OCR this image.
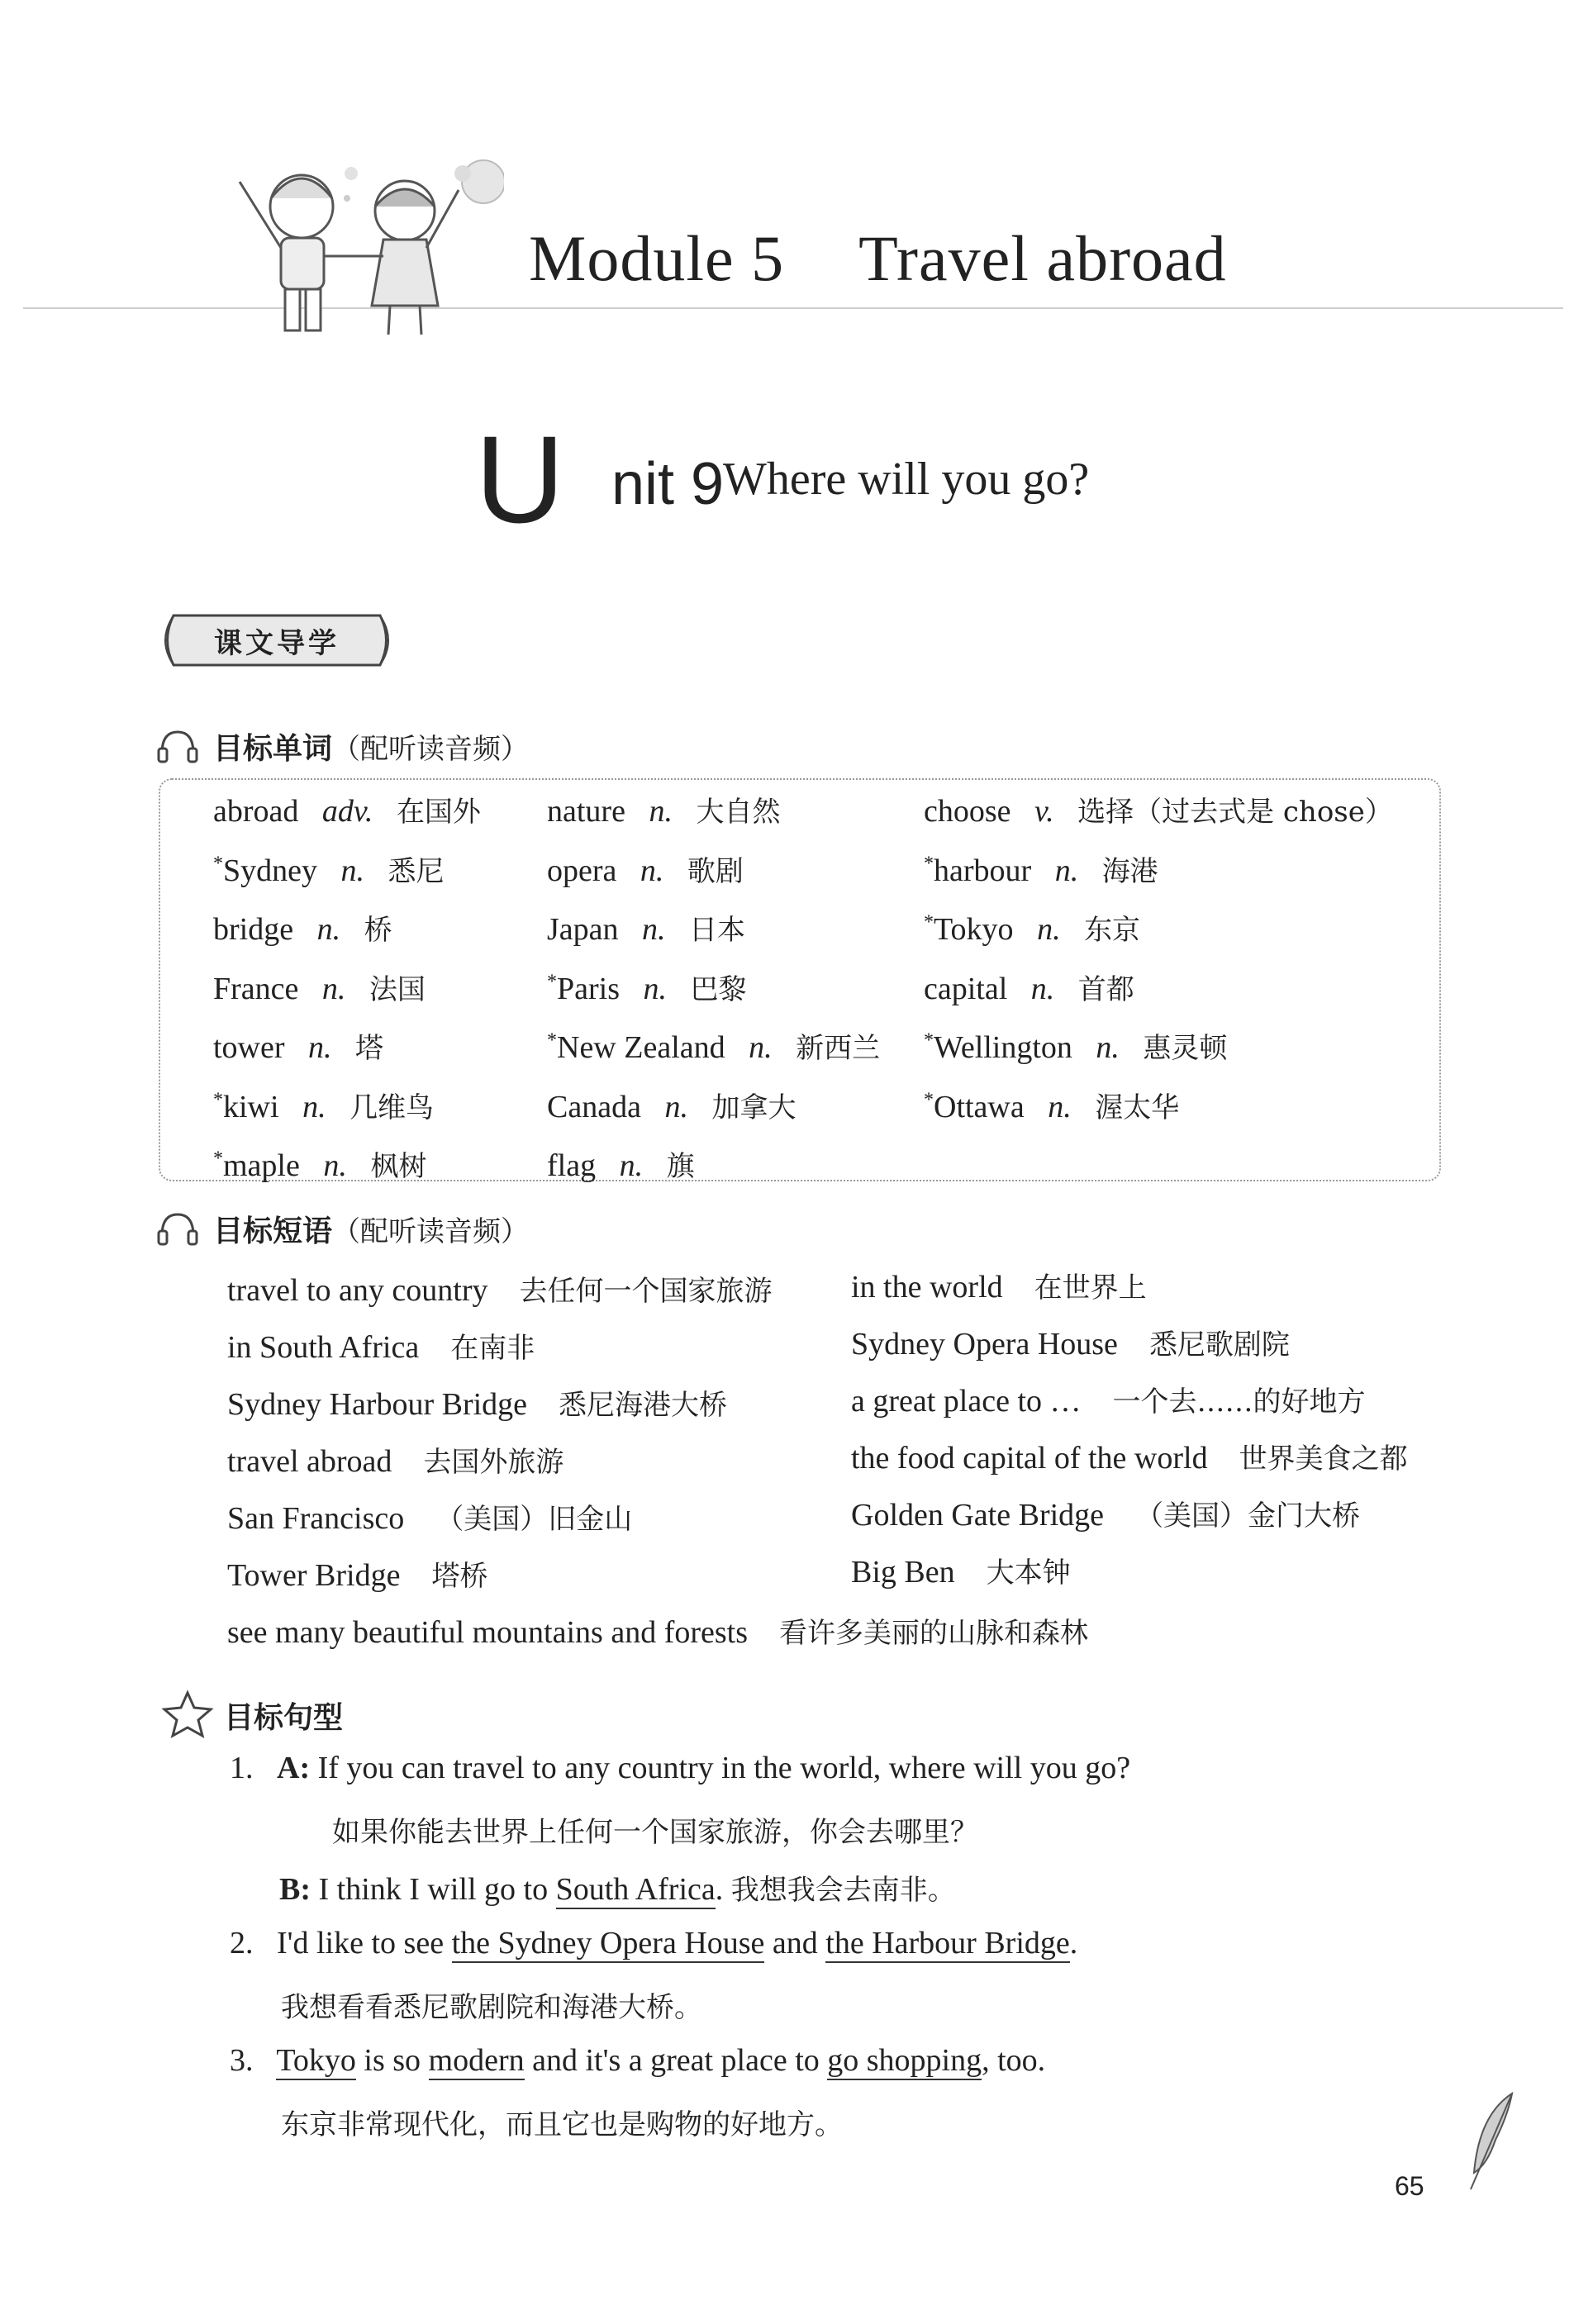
Module 5 Travel abroad
U nit 9
Where will you go?
课文导学
目标单词（配听读音频）
abroad adv. 在国外
*Sydney n. 悉尼
bridge n. 桥
France n. 法国
tower n. 塔
*kiwi n. 几维鸟
*maple n. 枫树
nature n. 大自然
opera n. 歌剧
Japan n. 日本
*Paris n. 巴黎
*New Zealand n. 新西兰
Canada n. 加拿大
flag n. 旗
choose v. 选择（过去式是 chose）
*harbour n. 海港
*Tokyo n. 东京
capital n. 首都
*Wellington n. 惠灵顿
*Ottawa n. 渥太华
目标短语（配听读音频）
travel to any country 去任何一个国家旅游
in South Africa 在南非
Sydney Harbour Bridge 悉尼海港大桥
travel abroad 去国外旅游
San Francisco （美国）旧金山
Tower Bridge 塔桥
see many beautiful mountains and forests 看许多美丽的山脉和森林
in the world 在世界上
Sydney Opera House 悉尼歌剧院
a great place to … 一个去……的好地方
the food capital of the world 世界美食之都
Golden Gate Bridge （美国）金门大桥
Big Ben 大本钟
目标句型
1. A: If you can travel to any country in the world, where will you go?
如果你能去世界上任何一个国家旅游，你会去哪里？
B: I think I will go to South Africa. 我想我会去南非。
2. I'd like to see the Sydney Opera House and the Harbour Bridge.
我想看看悉尼歌剧院和海港大桥。
3. Tokyo is so modern and it's a great place to go shopping, too.
东京非常现代化，而且它也是购物的好地方。
65
